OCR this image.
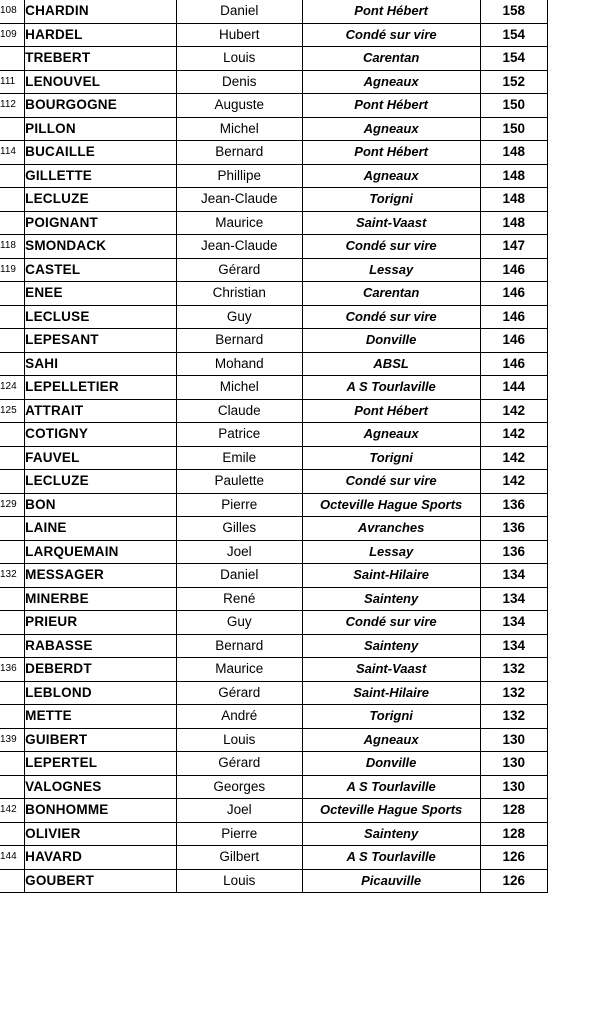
108	CHARDIN	Daniel	Pont Hébert	158
109	HARDEL	Hubert	Condé sur vire	154
	TREBERT	Louis	Carentan	154
111	LENOUVEL	Denis	Agneaux	152
112	BOURGOGNE	Auguste	Pont Hébert	150
	PILLON	Michel	Agneaux	150
114	BUCAILLE	Bernard	Pont Hébert	148
	GILLETTE	Phillipe	Agneaux	148
	LECLUZE	Jean-Claude	Torigni	148
	POIGNANT	Maurice	Saint-Vaast	148
118	SMONDACK	Jean-Claude	Condé sur vire	147
119	CASTEL	Gérard	Lessay	146
	ENEE	Christian	Carentan	146
	LECLUSE	Guy	Condé sur vire	146
	LEPESANT	Bernard	Donville	146
	SAHI	Mohand	ABSL	146
124	LEPELLETIER	Michel	A S Tourlaville	144
125	ATTRAIT	Claude	Pont Hébert	142
	COTIGNY	Patrice	Agneaux	142
	FAUVEL	Emile	Torigni	142
	LECLUZE	Paulette	Condé sur vire	142
129	BON	Pierre	Octeville Hague Sports	136
	LAINE	Gilles	Avranches	136
	LARQUEMAIN	Joel	Lessay	136
132	MESSAGER	Daniel	Saint-Hilaire	134
	MINERBE	René	Sainteny	134
	PRIEUR	Guy	Condé sur vire	134
	RABASSE	Bernard	Sainteny	134
136	DEBERDT	Maurice	Saint-Vaast	132
	LEBLOND	Gérard	Saint-Hilaire	132
	METTE	André	Torigni	132
139	GUIBERT	Louis	Agneaux	130
	LEPERTEL	Gérard	Donville	130
	VALOGNES	Georges	A S Tourlaville	130
142	BONHOMME	Joel	Octeville Hague Sports	128
	OLIVIER	Pierre	Sainteny	128
144	HAVARD	Gilbert	A S Tourlaville	126
	GOUBERT	Louis	Picauville	126
